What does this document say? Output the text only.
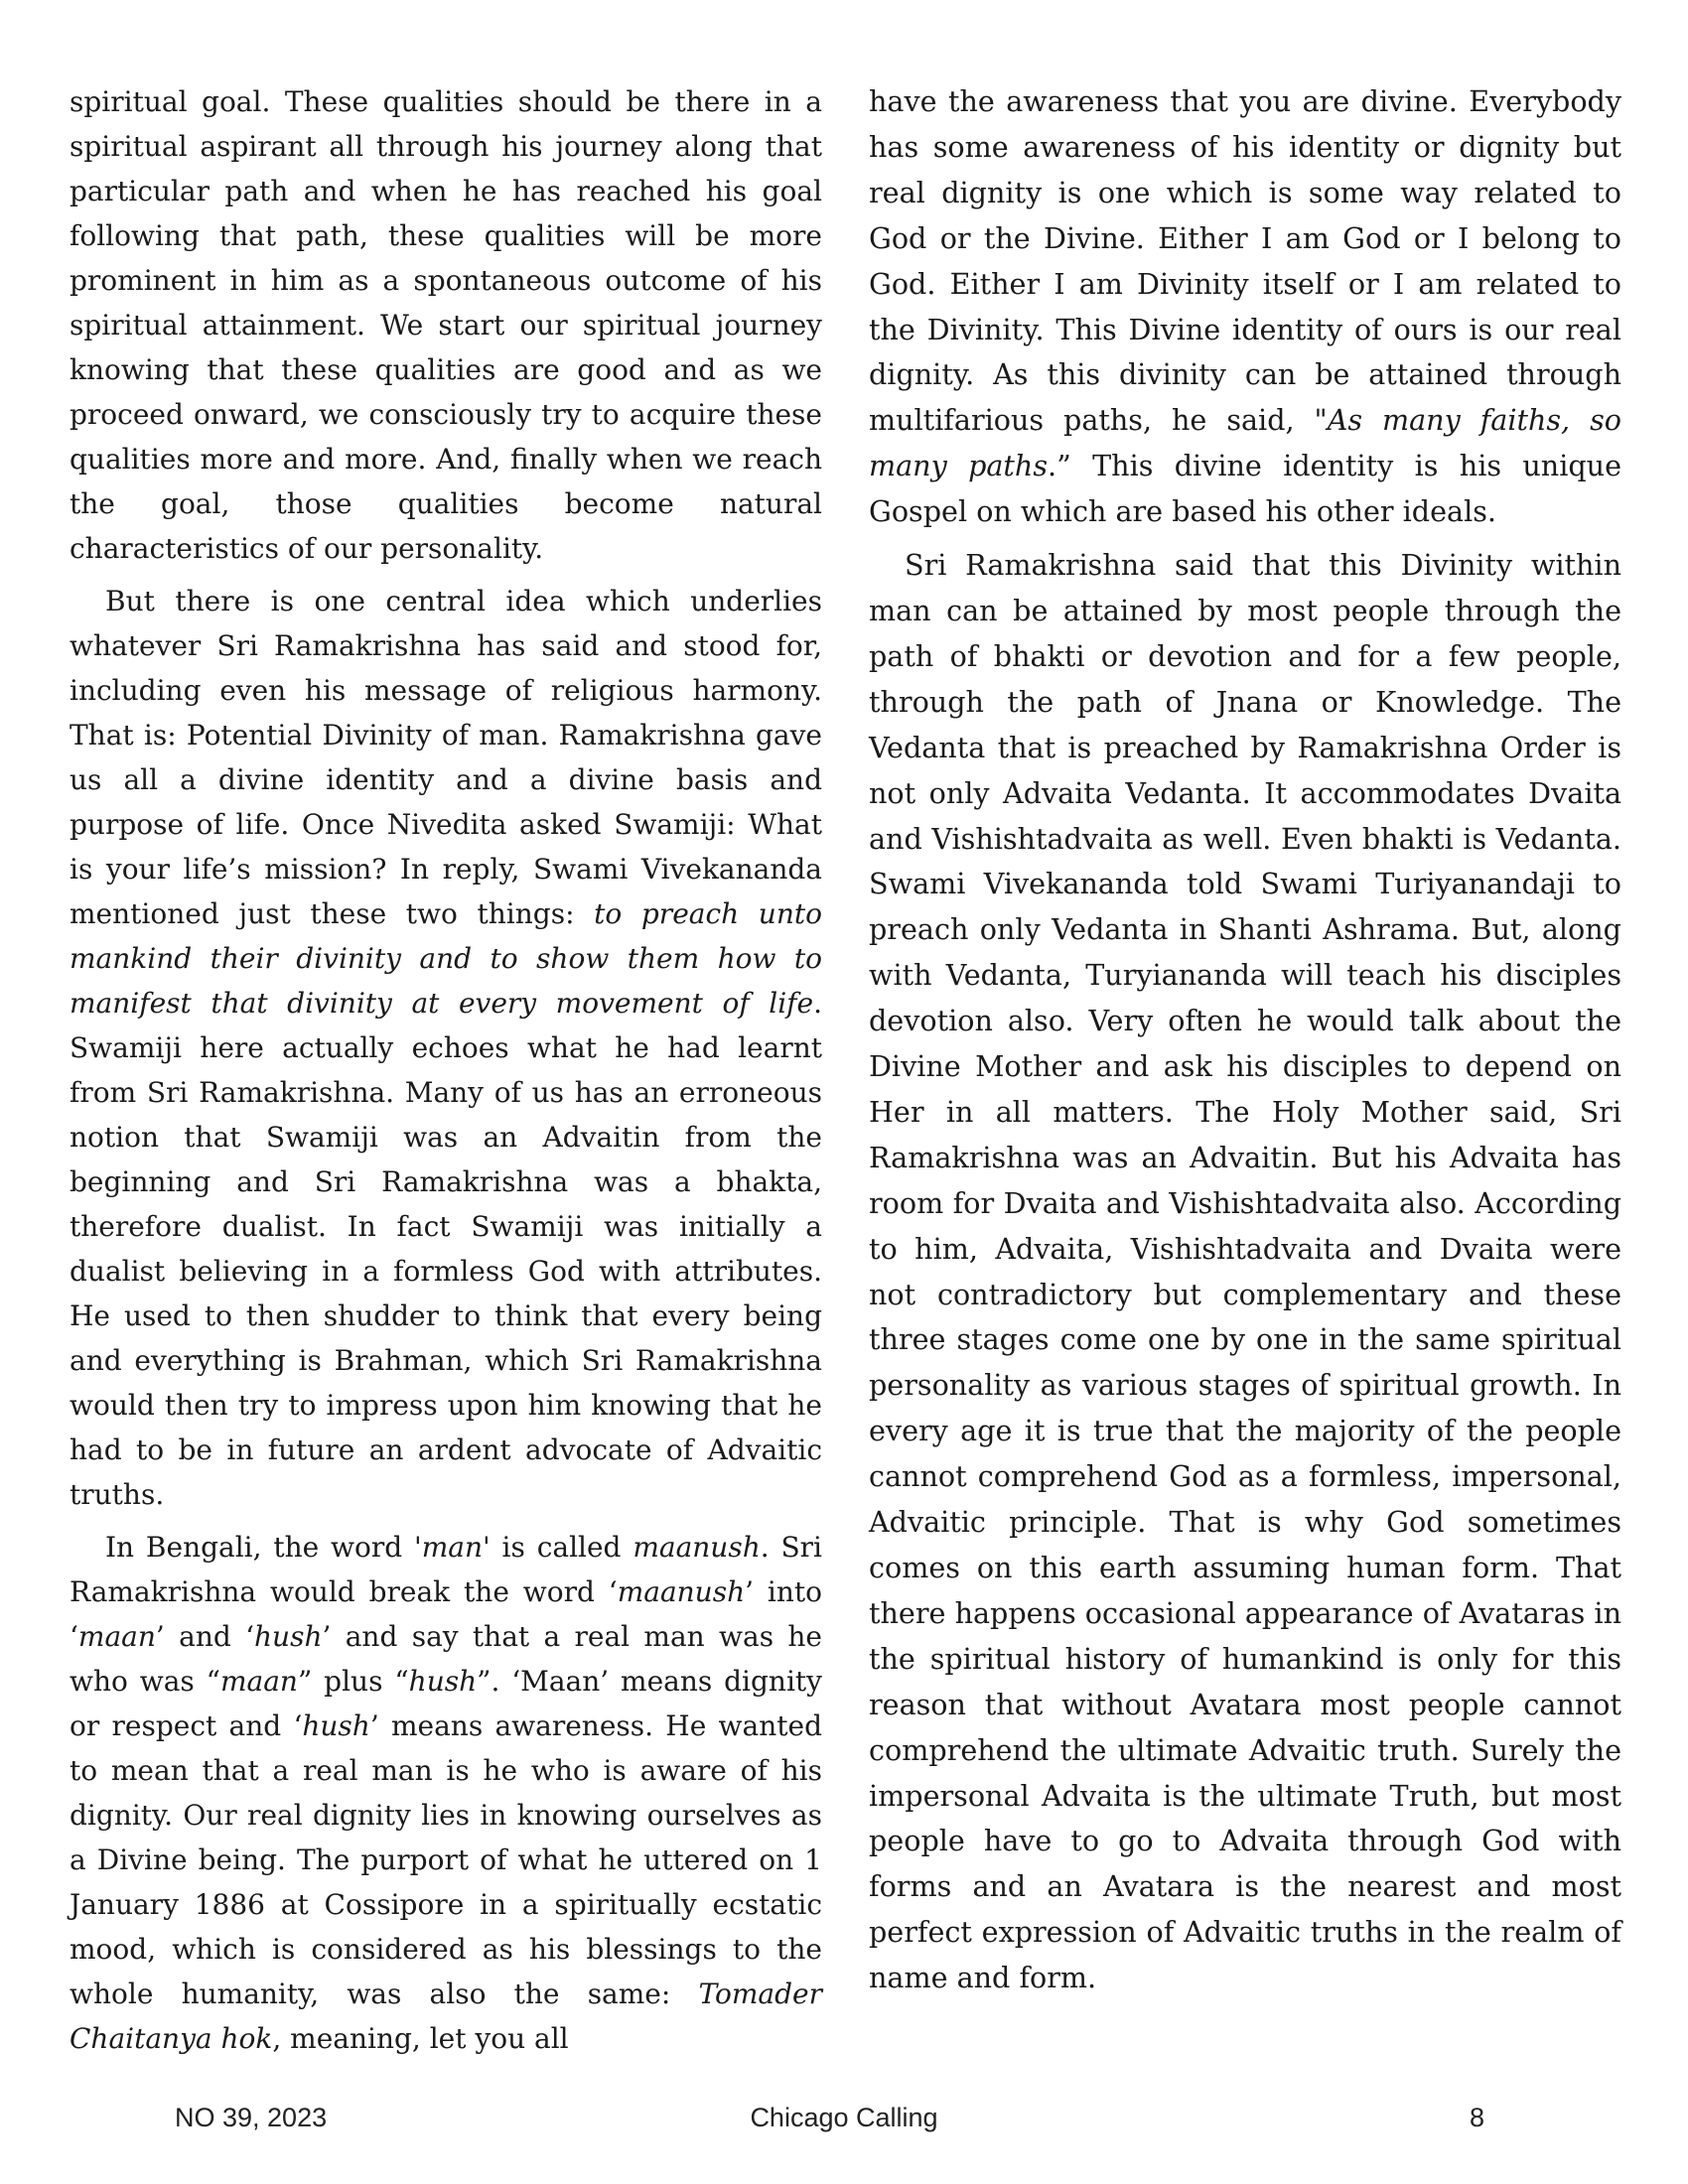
spiritual goal. These qualities should be there in a spiritual aspirant all through his journey along that particular path and when he has reached his goal following that path, these qualities will be more prominent in him as a spontaneous outcome of his spiritual attainment. We start our spiritual journey knowing that these qualities are good and as we proceed onward, we consciously try to acquire these qualities more and more. And, finally when we reach the goal, those qualities become natural characteristics of our personality.

But there is one central idea which underlies whatever Sri Ramakrishna has said and stood for, including even his message of religious harmony. That is: Potential Divinity of man. Ramakrishna gave us all a divine identity and a divine basis and purpose of life. Once Nivedita asked Swamiji: What is your life’s mission? In reply, Swami Vivekananda mentioned just these two things: to preach unto mankind their divinity and to show them how to manifest that divinity at every movement of life. Swamiji here actually echoes what he had learnt from Sri Ramakrishna. Many of us has an erroneous notion that Swamiji was an Advaitin from the beginning and Sri Ramakrishna was a bhakta, therefore dualist. In fact Swamiji was initially a dualist believing in a formless God with attributes. He used to then shudder to think that every being and everything is Brahman, which Sri Ramakrishna would then try to impress upon him knowing that he had to be in future an ardent advocate of Advaitic truths.

In Bengali, the word 'man' is called maanush. Sri Ramakrishna would break the word ‘maanush’ into ‘maan’ and ‘hush’ and say that a real man was he who was “maan” plus “hush”. ‘Maan’ means dignity or respect and ‘hush’ means awareness. He wanted to mean that a real man is he who is aware of his dignity. Our real dignity lies in knowing ourselves as a Divine being. The purport of what he uttered on 1 January 1886 at Cossipore in a spiritually ecstatic mood, which is considered as his blessings to the whole humanity, was also the same: Tomader Chaitanya hok, meaning, let you all

have the awareness that you are divine. Everybody has some awareness of his identity or dignity but real dignity is one which is some way related to God or the Divine. Either I am God or I belong to God. Either I am Divinity itself or I am related to the Divinity. This Divine identity of ours is our real dignity. As this divinity can be attained through multifarious paths, he said, "As many faiths, so many paths.” This divine identity is his unique Gospel on which are based his other ideals.

Sri Ramakrishna said that this Divinity within man can be attained by most people through the path of bhakti or devotion and for a few people, through the path of Jnana or Knowledge. The Vedanta that is preached by Ramakrishna Order is not only Advaita Vedanta. It accommodates Dvaita and Vishishtadvaita as well. Even bhakti is Vedanta. Swami Vivekananda told Swami Turiyanandaji to preach only Vedanta in Shanti Ashrama. But, along with Vedanta, Turyiananda will teach his disciples devotion also. Very often he would talk about the Divine Mother and ask his disciples to depend on Her in all matters. The Holy Mother said, Sri Ramakrishna was an Advaitin. But his Advaita has room for Dvaita and Vishishtadvaita also. According to him, Advaita, Vishishtadvaita and Dvaita were not contradictory but complementary and these three stages come one by one in the same spiritual personality as various stages of spiritual growth. In every age it is true that the majority of the people cannot comprehend God as a formless, impersonal, Advaitic principle. That is why God sometimes comes on this earth assuming human form. That there happens occasional appearance of Avataras in the spiritual history of humankind is only for this reason that without Avatara most people cannot comprehend the ultimate Advaitic truth. Surely the impersonal Advaita is the ultimate Truth, but most people have to go to Advaita through God with forms and an Avatara is the nearest and most perfect expression of Advaitic truths in the realm of name and form.

NO 39, 2023	Chicago Calling	8
